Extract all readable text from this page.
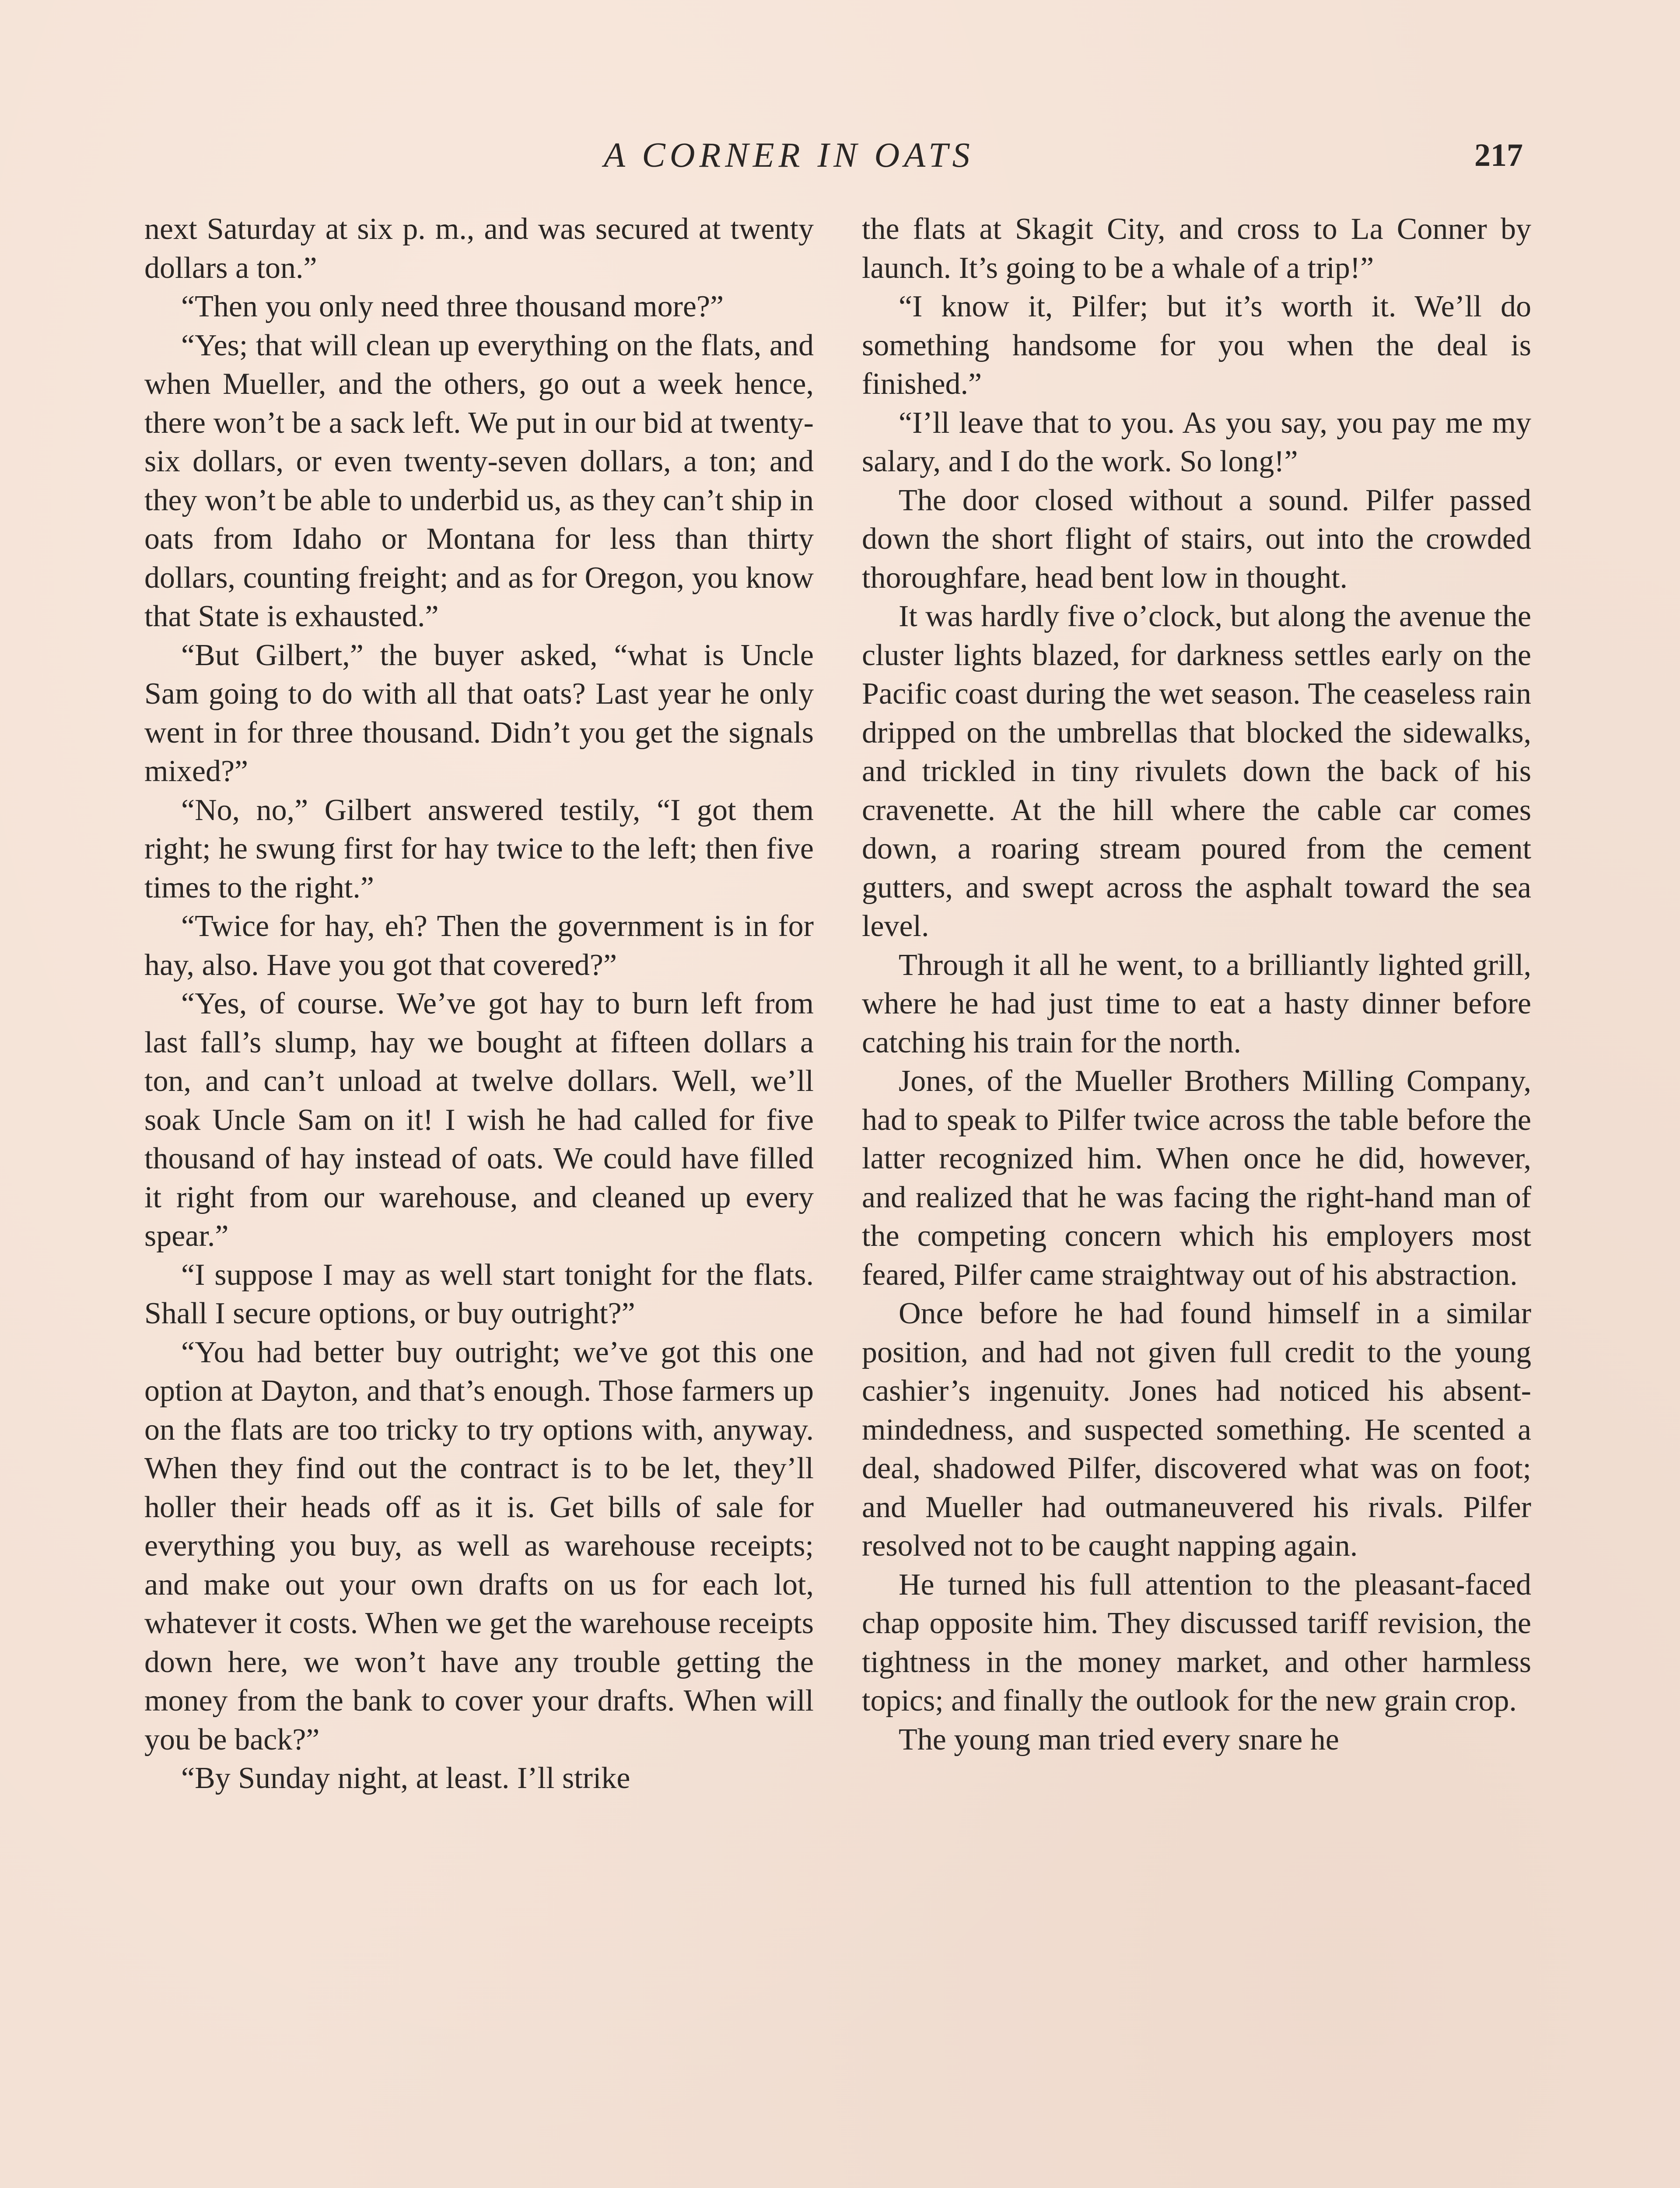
A CORNER IN OATS	217

next Saturday at six p. m., and was secured at twenty dollars a ton.”

“Then you only need three thousand more?”

“Yes; that will clean up everything on the flats, and when Mueller, and the others, go out a week hence, there won’t be a sack left. We put in our bid at twenty-six dollars, or even twenty-seven dollars, a ton; and they won’t be able to underbid us, as they can’t ship in oats from Idaho or Montana for less than thirty dollars, counting freight; and as for Oregon, you know that State is exhausted.”

“But Gilbert,” the buyer asked, “what is Uncle Sam going to do with all that oats? Last year he only went in for three thousand. Didn’t you get the signals mixed?”

“No, no,” Gilbert answered testily, “I got them right; he swung first for hay twice to the left; then five times to the right.”

“Twice for hay, eh? Then the government is in for hay, also. Have you got that covered?”

“Yes, of course. We’ve got hay to burn left from last fall’s slump, hay we bought at fifteen dollars a ton, and can’t unload at twelve dollars. Well, we’ll soak Uncle Sam on it! I wish he had called for five thousand of hay instead of oats. We could have filled it right from our warehouse, and cleaned up every spear.”

“I suppose I may as well start tonight for the flats. Shall I secure options, or buy outright?”

“You had better buy outright; we’ve got this one option at Dayton, and that’s enough. Those farmers up on the flats are too tricky to try options with, anyway. When they find out the contract is to be let, they’ll holler their heads off as it is. Get bills of sale for everything you buy, as well as warehouse receipts; and make out your own drafts on us for each lot, whatever it costs. When we get the warehouse receipts down here, we won’t have any trouble getting the money from the bank to cover your drafts. When will you be back?”

“By Sunday night, at least. I’ll strike

the flats at Skagit City, and cross to La Conner by launch. It’s going to be a whale of a trip!”

“I know it, Pilfer; but it’s worth it. We’ll do something handsome for you when the deal is finished.”

“I’ll leave that to you. As you say, you pay me my salary, and I do the work. So long!”

The door closed without a sound. Pilfer passed down the short flight of stairs, out into the crowded thoroughfare, head bent low in thought.

It was hardly five o’clock, but along the avenue the cluster lights blazed, for darkness settles early on the Pacific coast during the wet season. The ceaseless rain dripped on the umbrellas that blocked the sidewalks, and trickled in tiny rivulets down the back of his cravenette. At the hill where the cable car comes down, a roaring stream poured from the cement gutters, and swept across the asphalt toward the sea level.

Through it all he went, to a brilliantly lighted grill, where he had just time to eat a hasty dinner before catching his train for the north.

Jones, of the Mueller Brothers Milling Company, had to speak to Pilfer twice across the table before the latter recognized him. When once he did, however, and realized that he was facing the right-hand man of the competing concern which his employers most feared, Pilfer came straightway out of his abstraction.

Once before he had found himself in a similar position, and had not given full credit to the young cashier’s ingenuity. Jones had noticed his absent-mindedness, and suspected something. He scented a deal, shadowed Pilfer, discovered what was on foot; and Mueller had outmaneuvered his rivals. Pilfer resolved not to be caught napping again.

He turned his full attention to the pleasant-faced chap opposite him. They discussed tariff revision, the tightness in the money market, and other harmless topics; and finally the outlook for the new grain crop.

The young man tried every snare he
